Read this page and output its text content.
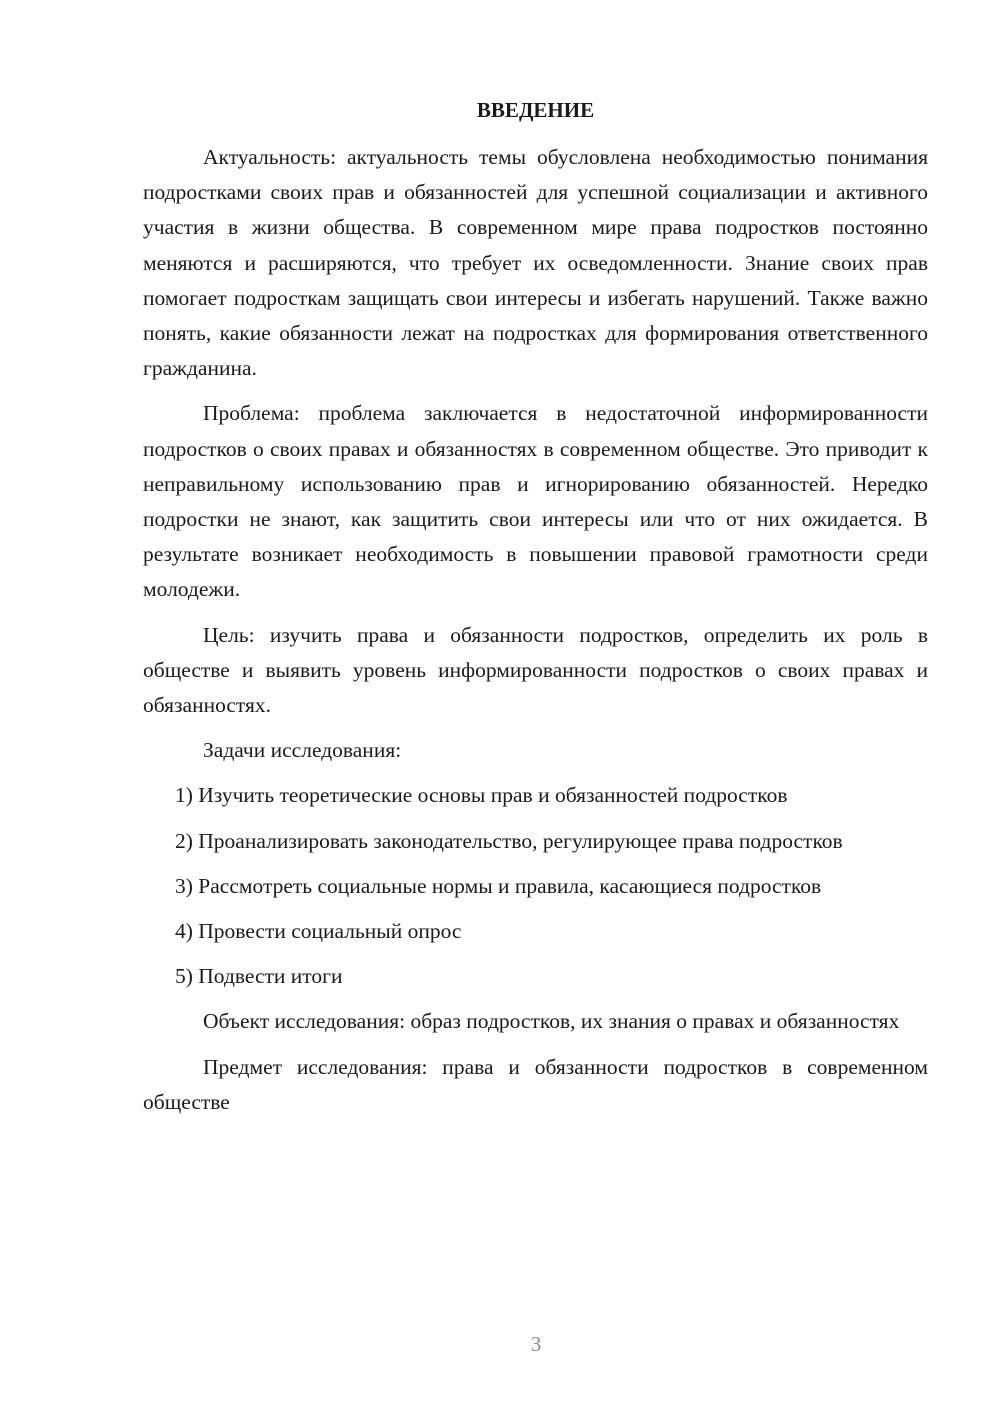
ВВЕДЕНИЕ

Актуальность: актуальность темы обусловлена необходимостью понимания подростками своих прав и обязанностей для успешной социализации и активного участия в жизни общества. В современном мире права подростков постоянно меняются и расширяются, что требует их осведомленности. Знание своих прав помогает подросткам защищать свои интересы и избегать нарушений. Также важно понять, какие обязанности лежат на подростках для формирования ответственного гражданина.

Проблема: проблема заключается в недостаточной информированности подростков о своих правах и обязанностях в современном обществе. Это приводит к неправильному использованию прав и игнорированию обязанностей. Нередко подростки не знают, как защитить свои интересы или что от них ожидается. В результате возникает необходимость в повышении правовой грамотности среди молодежи.

Цель: изучить права и обязанности подростков, определить их роль в обществе и выявить уровень информированности подростков о своих правах и обязанностях.

Задачи исследования:

1) Изучить теоретические основы прав и обязанностей подростков

2) Проанализировать законодательство, регулирующее права подростков

3) Рассмотреть социальные нормы и правила, касающиеся подростков

4) Провести социальный опрос

5) Подвести итоги

Объект исследования: образ подростков, их знания о правах и обязанностях

Предмет исследования: права и обязанности подростков в современном обществе

3
